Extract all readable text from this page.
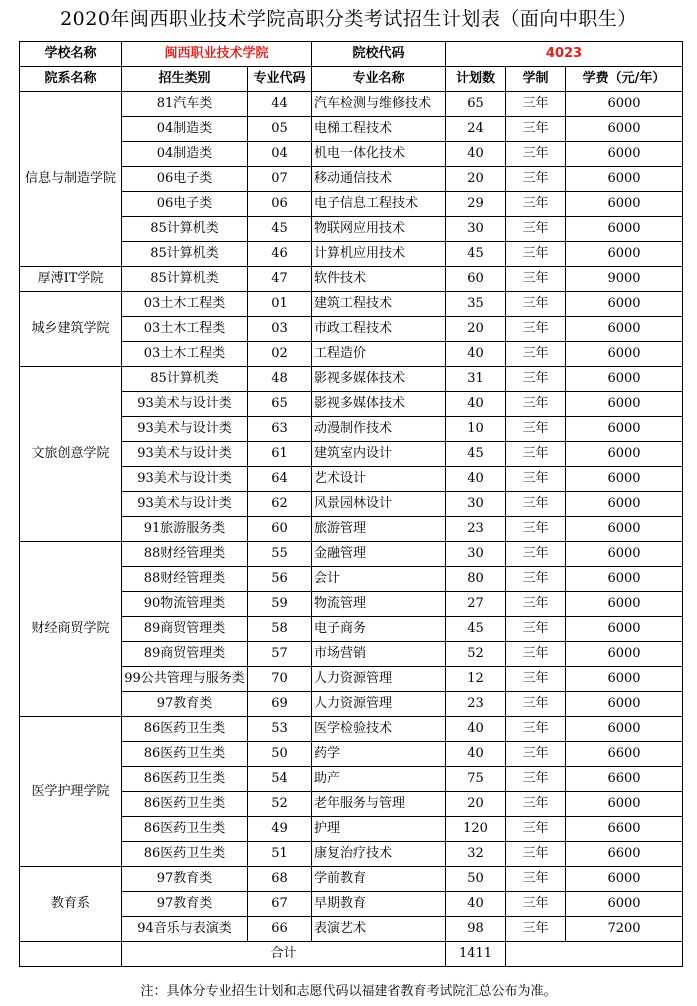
2020年闽西职业技术学院高职分类考试招生计划表（面向中职生）
学校名称	闽西职业技术学院		院校代码	4023		
院系名称	招生类别	专业代码	专业名称	计划数	学制	学费（元/年）
信息与制造学院	81汽车类	44	汽车检测与维修技术	65	三年	6000
	04制造类	05	电梯工程技术	24	三年	6000
	04制造类	04	机电一体化技术	40	三年	6000
	06电子类	07	移动通信技术	20	三年	6000
	06电子类	06	电子信息工程技术	29	三年	6000
	85计算机类	45	物联网应用技术	30	三年	6000
	85计算机类	46	计算机应用技术	45	三年	6000
厚溥IT学院	85计算机类	47	软件技术	60	三年	9000
城乡建筑学院	03土木工程类	01	建筑工程技术	35	三年	6000
	03土木工程类	03	市政工程技术	20	三年	6000
	03土木工程类	02	工程造价	40	三年	6000
文旅创意学院	85计算机类	48	影视多媒体技术	31	三年	6000
	93美术与设计类	65	影视多媒体技术	40	三年	6000
	93美术与设计类	63	动漫制作技术	10	三年	6000
	93美术与设计类	61	建筑室内设计	45	三年	6000
	93美术与设计类	64	艺术设计	40	三年	6000
	93美术与设计类	62	风景园林设计	30	三年	6000
	91旅游服务类	60	旅游管理	23	三年	6000
财经商贸学院	88财经管理类	55	金融管理	30	三年	6000
	88财经管理类	56	会计	80	三年	6000
	90物流管理类	59	物流管理	27	三年	6000
	89商贸管理类	58	电子商务	45	三年	6000
	89商贸管理类	57	市场营销	52	三年	6000
	99公共管理与服务类	70	人力资源管理	12	三年	6000
	97教育类	69	人力资源管理	23	三年	6000
医学护理学院	86医药卫生类	53	医学检验技术	40	三年	6000
	86医药卫生类	50	药学	40	三年	6600
	86医药卫生类	54	助产	75	三年	6600
	86医药卫生类	52	老年服务与管理	20	三年	6000
	86医药卫生类	49	护理	120	三年	6600
	86医药卫生类	51	康复治疗技术	32	三年	6600
教育系	97教育类	68	学前教育	50	三年	6000
	97教育类	67	早期教育	40	三年	6000
	94音乐与表演类	66	表演艺术	98	三年	7200
	合计			1411		
注：具体分专业招生计划和志愿代码以福建省教育考试院汇总公布为准。
